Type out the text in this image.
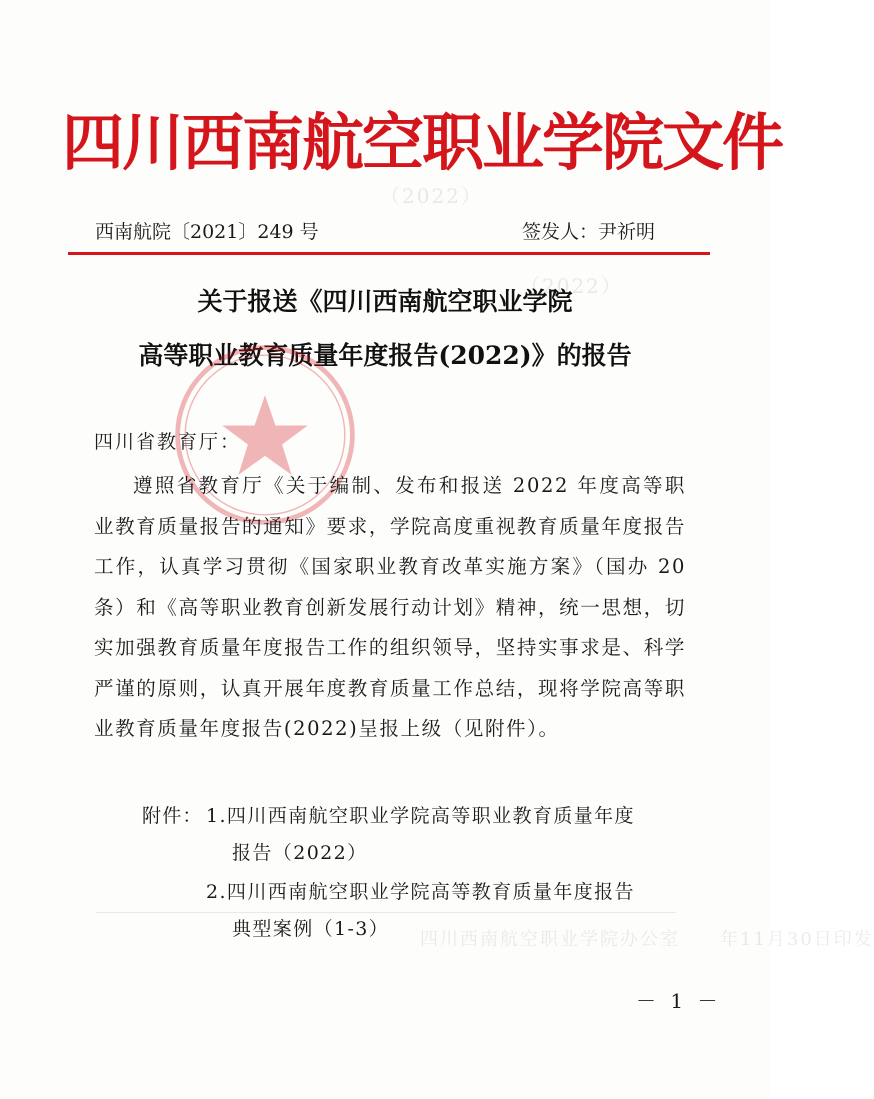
（2022）
（2022）
四川西南航空职业学院办公室　　年11月30日印发
四川西南航空职业学院文件
西南航院〔2021〕249 号	签发人：尹祈明
关于报送《四川西南航空职业学院
高等职业教育质量年度报告(2022)》的报告
四川省教育厅：
遵照省教育厅《关于编制、发布和报送 2022 年度高等职业教育质量报告的通知》要求，学院高度重视教育质量年度报告工作，认真学习贯彻《国家职业教育改革实施方案》（国办 20 条）和《高等职业教育创新发展行动计划》精神，统一思想，切实加强教育质量年度报告工作的组织领导，坚持实事求是、科学严谨的原则，认真开展年度教育质量工作总结，现将学院高等职业教育质量年度报告(2022)呈报上级（见附件）。
附件： 1.四川西南航空职业学院高等职业教育质量年度
报告（2022）
2.四川西南航空职业学院高等教育质量年度报告
典型案例（1-3）
－ 1 －
